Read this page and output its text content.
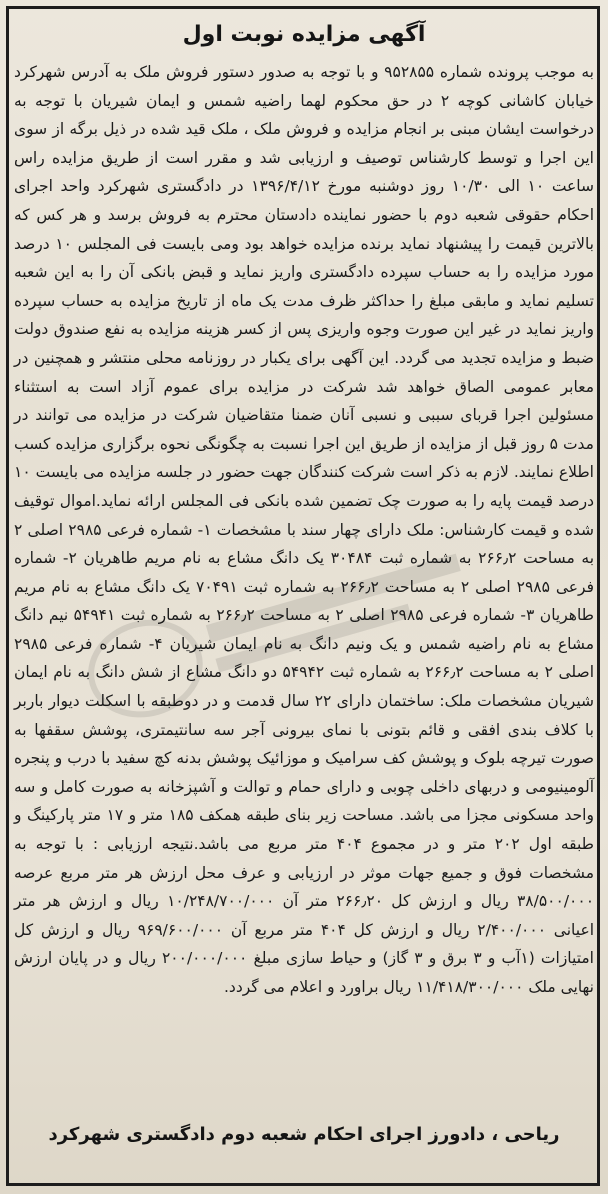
آگهی مزایده نوبت اول

به موجب پرونده شماره ۹۵۲۸۵۵ و با توجه به صدور دستور فروش ملک به آدرس شهرکرد خیابان کاشانی کوچه ۲ در حق محکوم لهما راضیه شمس و ایمان شیریان با توجه به درخواست ایشان مبنی بر انجام مزایده و فروش ملک ، ملک قید شده در ذیل برگه از سوی این اجرا و توسط کارشناس توصیف و ارزیابی شد و مقرر است از طریق مزایده راس ساعت ۱۰ الی ۱۰/۳۰ روز دوشنبه مورخ ۱۳۹۶/۴/۱۲ در دادگستری شهرکرد واحد اجرای احکام حقوقی شعبه دوم با حضور نماینده دادستان محترم به فروش برسد و هر کس که بالاترین قیمت را پیشنهاد نماید برنده مزایده خواهد بود ومی بایست فی المجلس ۱۰ درصد مورد مزایده را به حساب سپرده دادگستری واریز نماید و قبض بانکی آن را به این شعبه تسلیم نماید و مابقی مبلغ را حداکثر ظرف مدت یک ماه از تاریخ مزایده به حساب سپرده واریز نماید در غیر این صورت وجوه واریزی پس از کسر هزینه مزایده به نفع صندوق دولت ضبط و مزایده تجدید می گردد. این آگهی برای یکبار در روزنامه محلی منتشر و همچنین در معابر عمومی الصاق خواهد شد شرکت در مزایده برای عموم آزاد است به استثناء مسئولین اجرا قربای سببی و نسبی آنان ضمنا متقاضیان شرکت در مزایده می توانند در مدت ۵ روز قبل از مزایده از طریق این اجرا نسبت به چگونگی نحوه برگزاری مزایده کسب اطلاع نمایند. لازم به ذکر است شرکت کنندگان جهت حضور در جلسه مزایده می بایست ۱۰ درصد قیمت پایه را به صورت چک تضمین شده بانکی فی المجلس ارائه نماید.اموال توقیف شده و قیمت کارشناس: ملک دارای چهار سند با مشخصات ۱- شماره فرعی ۲۹۸۵ اصلی ۲ به مساحت ۲۶۶٫۲ به شماره ثبت ۳۰۴۸۴ یک دانگ مشاع به نام مریم طاهریان ۲- شماره فرعی ۲۹۸۵ اصلی ۲ به مساحت ۲۶۶٫۲ به شماره ثبت ۷۰۴۹۱ یک دانگ مشاع به نام مریم طاهریان ۳- شماره فرعی ۲۹۸۵ اصلی ۲ به مساحت ۲۶۶٫۲ به شماره ثبت ۵۴۹۴۱ نیم دانگ مشاع به نام راضیه شمس و یک ونیم دانگ به نام ایمان شیریان ۴- شماره فرعی ۲۹۸۵ اصلی ۲ به مساحت ۲۶۶٫۲ به شماره ثبت ۵۴۹۴۲ دو دانگ مشاع از شش دانگ به نام ایمان شیریان مشخصات ملک: ساختمان دارای ۲۲ سال قدمت و در دوطبقه با اسکلت دیوار باربر با کلاف بندی افقی و قائم بتونی با نمای بیرونی آجر سه سانتیمتری، پوشش سقفها به صورت تیرچه بلوک و پوشش کف سرامیک و موزائیک پوشش بدنه کچ سفید با درب و پنجره آلومینیومی و دربهای داخلی چوبی و دارای حمام و توالت و آشپزخانه به صورت کامل و سه واحد مسکونی مجزا می باشد. مساحت زیر بنای طبقه همکف ۱۸۵ متر و ۱۷ متر پارکینگ و طبقه اول ۲۰۲ متر و در مجموع ۴۰۴ متر مربع می باشد.نتیجه ارزیابی : با توجه به مشخصات فوق و جمیع جهات موثر در ارزیابی و عرف محل ارزش هر متر مربع عرصه ۳۸/۵۰۰/۰۰۰ ریال و ارزش کل ۲۶۶٫۲۰ متر آن ۱۰/۲۴۸/۷۰۰/۰۰۰ ریال و ارزش هر متر اعیانی ۲/۴۰۰/۰۰۰ ریال و ارزش کل ۴۰۴ متر مربع آن ۹۶۹/۶۰۰/۰۰۰ ریال و ارزش کل امتیازات (۱آب و ۳ برق و ۳ گاز) و حیاط سازی مبلغ ۲۰۰/۰۰۰/۰۰۰ ریال و در پایان ارزش نهایی ملک ۱۱/۴۱۸/۳۰۰/۰۰۰ ریال براورد و اعلام می گردد.

ریاحی ، دادورز اجرای احکام شعبه دوم دادگستری شهرکرد
